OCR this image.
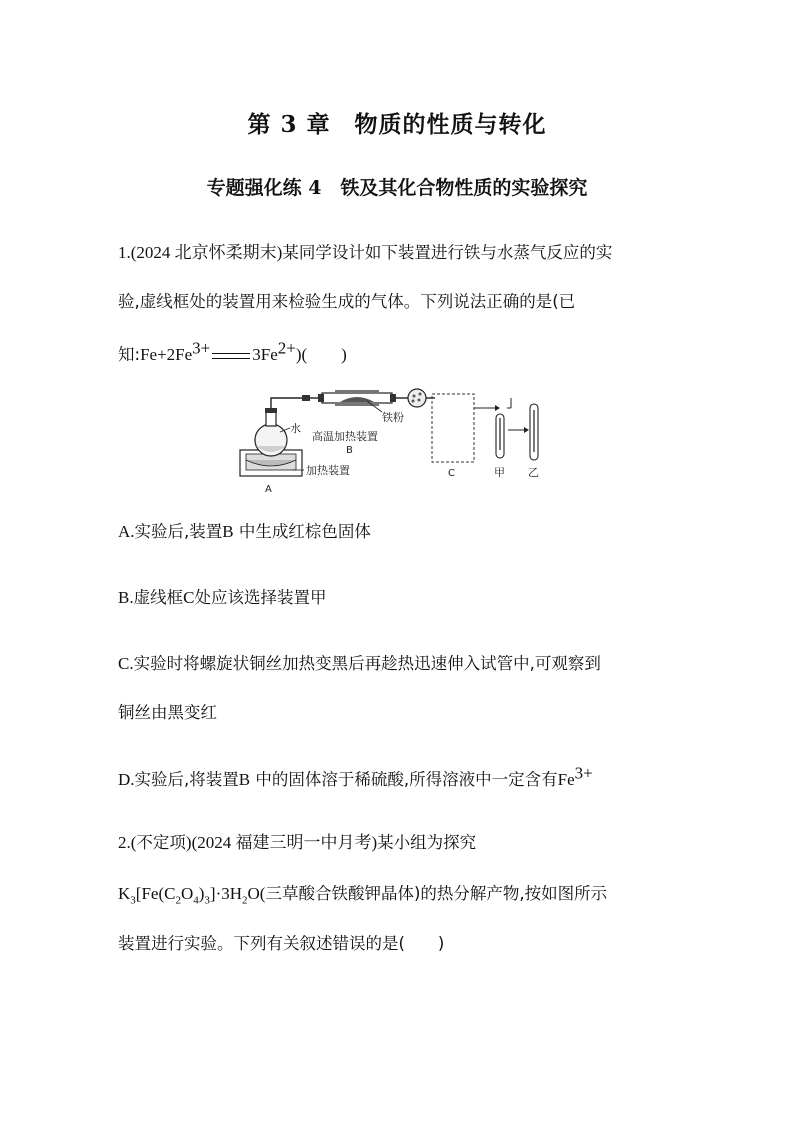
第 3 章　物质的性质与转化
专题强化练 4　铁及其化合物性质的实验探究
1.(2024 北京怀柔期末)某同学设计如下装置进行铁与水蒸气反应的实
验,虚线框处的装置用来检验生成的气体。下列说法正确的是(已
知$:Fe+2Fe^{3+}$ $3Fe^{2+}$)(　　)
铁粉
水
高温加热装置
B
加热装置
A
C	甲 乙
A.实验后,装置B 中生成红棕色固体
B.虚线框C处应该选择装置甲
C.实验时将螺旋状铜丝加热变黑后再趁热迅速伸入试管中,可观察到
铜丝由黑变红
D.实验后,将装置B 中的固体溶于稀硫酸,所得溶液中一定含有$Fe^{3+}$
2.(不定项)(2024 福建三明一中月考)某小组为探究
$K_3[Fe(C_2O_4)_3]\cdot 3H_2O$(三草酸合铁酸钾晶体)的热分解产物,按如图所示
装置进行实验。下列有关叙述错误的是(　　)
